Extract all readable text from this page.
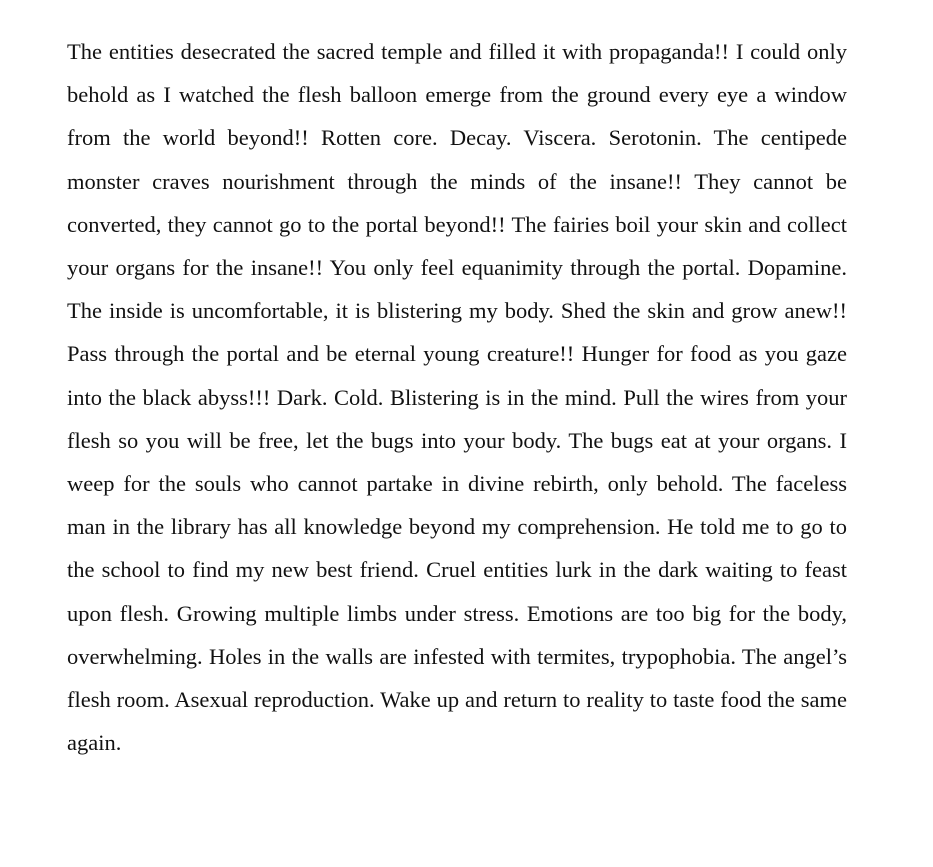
The entities desecrated the sacred temple and filled it with propaganda!! I could only behold as I watched the flesh balloon emerge from the ground every eye a window from the world beyond!! Rotten core. Decay. Viscera. Serotonin. The centipede monster craves nourishment through the minds of the insane!! They cannot be converted, they cannot go to the portal beyond!! The fairies boil your skin and collect your organs for the insane!! You only feel equanimity through the portal. Dopamine. The inside is uncomfortable, it is blistering my body. Shed the skin and grow anew!! Pass through the portal and be eternal young creature!! Hunger for food as you gaze into the black abyss!!! Dark. Cold. Blistering is in the mind. Pull the wires from your flesh so you will be free, let the bugs into your body. The bugs eat at your organs. I weep for the souls who cannot partake in divine rebirth, only behold. The faceless man in the library has all knowledge beyond my comprehension. He told me to go to the school to find my new best friend. Cruel entities lurk in the dark waiting to feast upon flesh. Growing multiple limbs under stress. Emotions are too big for the body, overwhelming. Holes in the walls are infested with termites, trypophobia. The angel’s flesh room. Asexual reproduction. Wake up and return to reality to taste food the same again.
